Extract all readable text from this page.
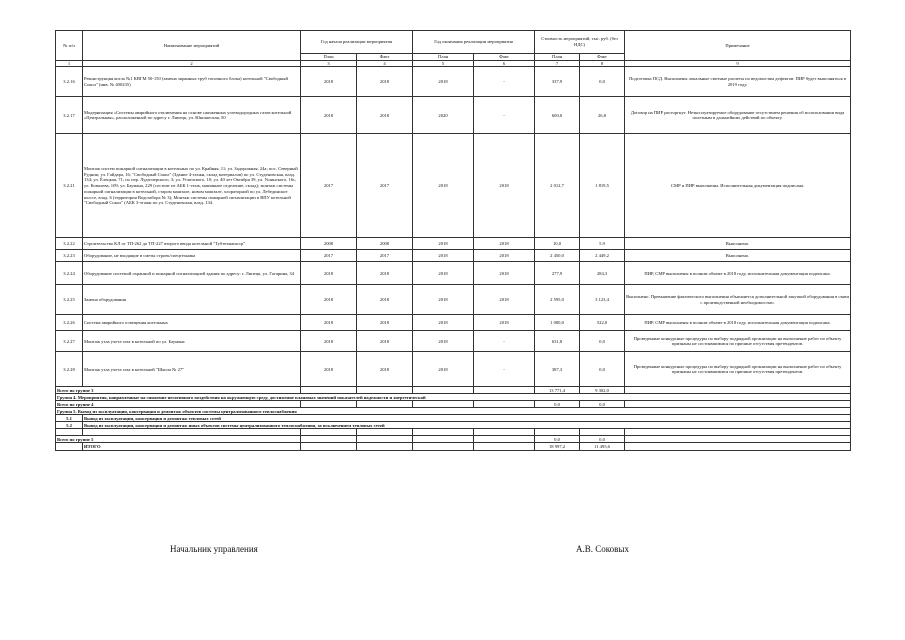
№ п/п	Наименование мероприятий	Год начала реализации мероприятия		Год окончания реализации мероприятия		Стоимость мероприятий, тыс. руб. (без НДС)		Примечание
		План	Факт	План	Факт	План	Факт	
1	2	3	4	5	6	7	8	9
3.2.16	Реконструкция котла №1 КВГМ 50-150 (замена экранных труб топочного блока) котельной "Свободный Сокол" (инв. № 400235)	2018	2018	2018	-	337,9	0,0	Подготовка ПСД. Выполнены локальные сметные расчеты по ведомостям дефектов. ПИР будет выполняться в 2019 году.
3.2.17	Модернизация «Системы аварийного отключения на основе сжиженных углеводородных газов котельной «Центральная», расположенной по адресу г. Липецк, ул. Юношеская, 50	2018	2018	2020	-	600,0	26,8	Договор на ПИР расторгнут. Неэксплуатируемое оборудование отсутствием решения об использовании вида полезным в дальнейших действий по объекту.
3.2.21	Монтаж систем пожарной сигнализации в котельных по ул. Крайняя, 11; ул. Задорожная, 24а; пос. Северный Рудник; ул. Гайдара, 16; "Свободный Сокол" (Здание 4-этажн, склад материалов) по ул. Студеновская, влад. 134; ул. Ёлецкая, 71; по пер. Лудзгиерского, 3; ул. Угличского, 10; ул. 40 лет Октября 39, ул. Ушинского, 16с, ул. Ковалева, 109; ул. Баумана, 229 (состоит из АБК 1-этаж, машинное отделение, склад); монтаж системы пожарной сигнализации в котельной, старом машзале, новом машзале, хлораторной по ул. Лебединское шоссе, влад. 6 (территория Водозабора № 3); Монтаж системы пожарной сигнализации в ВПУ котельной "Свободный Сокол" (АБК 3-этажн по ул. Студеновская, влад. 134.	2017	2017	2018	2018	2 012,7	1 819,5	СМР и ПИР выполнены. Исполнительная документация подписана.
3.2.22	Строительство КЛ от ТП-262 до ТП-227 второго ввода котельной "Тубтехмашсср"	2008	2008	2018	2018	10,0	5,9	Выполнено.
3.2.23	Оборудование, не входящие в сметы строек/спецтехника	2017	2017	2018	2018	2 450,0	2 449,2	Выполнено.
3.2.24	Оборудование системой охранной и пожарной сигнализацией здания по адресу: г. Липецк, ул. Гагарина, 34	2018	2018	2018	2018	277,9	284,3	ПИР, СМР выполнены в полном объеме в 2018 году, исполнительная документация подписана.
3.2.25	Замена оборудования	2018	2018	2018	2018	2 595,0	3 123,4	Выполнено. Превышение фактического выполнения объясняется дополнительной закупкой оборудования в связи с производственной необходимостью.
3.2.26	Система аварийного освещения котельных	2018	2018	2018	2018	1 000,0	522,0	ПИР, СМР выполнены в полном объеме в 2018 году, исполнительная документация подписана.
3.2.27	Монтаж узла учета газа в котельной по ул. Баумана	2018	2018	2018	-	631,8	0,0	Проведенные конкурсные процедуры по выбору подрядной организации на выполнение работ по объекту признаны не состоявшимися по причине отсутствия претендентов.
3.2.28	Монтаж узла учета газа в котельной "Школа № 27"	2018	2018	2018	-	387,3	0,0	Проведенные конкурсные процедуры по выбору подрядной организации на выполнение работ по объекту признаны не состоявшимися по причине отсутствия претендентов.
Всего по группе 3						13 771,4	9 302,0	
Группа 4. Мероприятия, направленные на снижение негативного воздействия на окружающую среду, достижение плановых значений показателей надежности и энергетической								
Всего по группе 4						0,0	0,0	
Группа 5. Вывод из эксплуатации, консервация и демонтаж объектов системы централизованного теплоснабжения								
5.1	Вывод из эксплуатации, консервация и демонтаж тепловых сетей							
5.2	Вывод из эксплуатации, консервация и демонтаж иных объектов системы централизованного теплоснабжения, за исключением тепловых сетей							

Всего по группе 5						0,0	0,0	
	ИТОГО					18 997,2	11 495,6	
Начальник управления	А.В. Соковых
